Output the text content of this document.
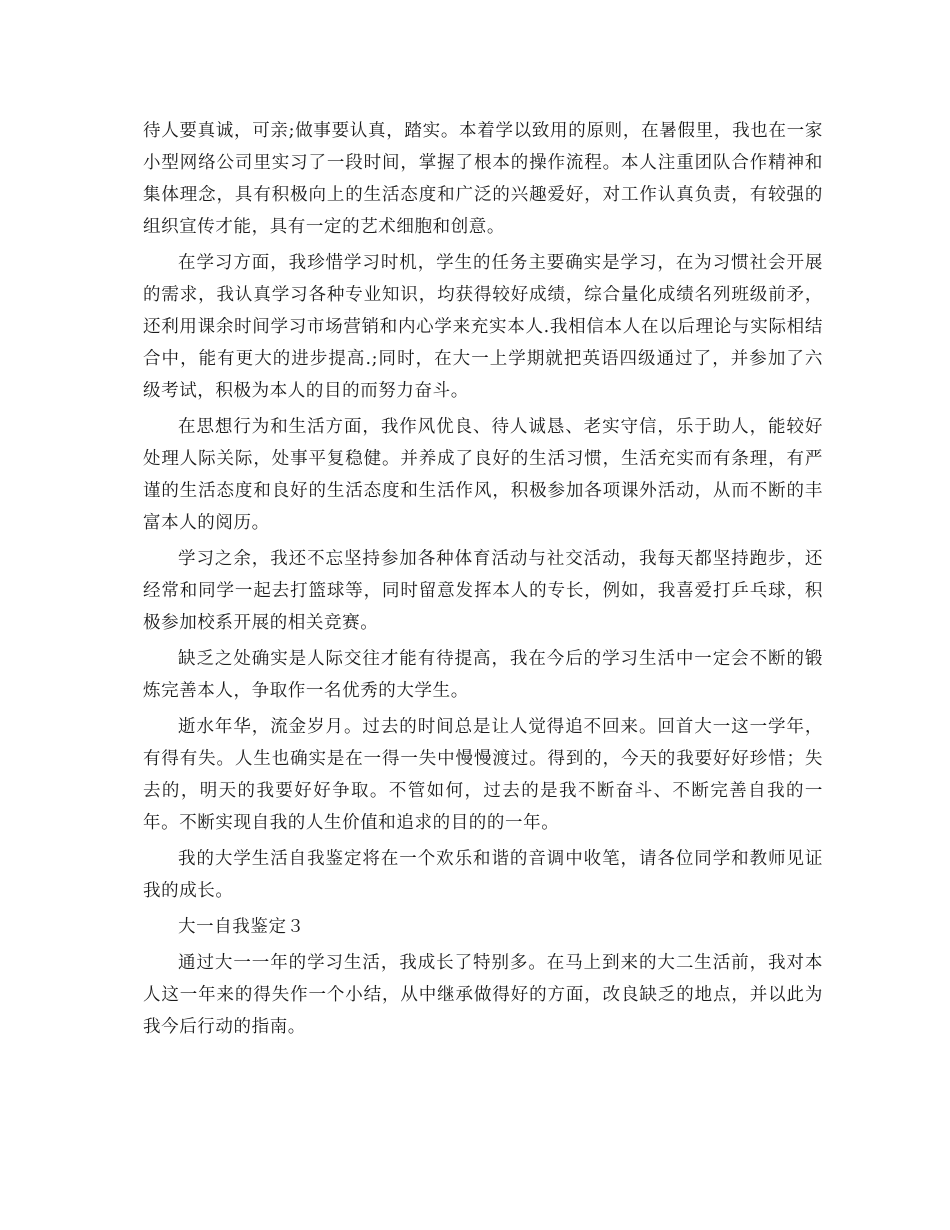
待人要真诚，可亲;做事要认真，踏实。本着学以致用的原则，在暑假里，我也在一家小型网络公司里实习了一段时间，掌握了根本的操作流程。本人注重团队合作精神和集体理念，具有积极向上的生活态度和广泛的兴趣爱好，对工作认真负责，有较强的组织宣传才能，具有一定的艺术细胞和创意。

在学习方面，我珍惜学习时机，学生的任务主要确实是学习，在为习惯社会开展的需求，我认真学习各种专业知识，均获得较好成绩，综合量化成绩名列班级前矛，还利用课余时间学习市场营销和内心学来充实本人.我相信本人在以后理论与实际相结合中，能有更大的进步提高.;同时，在大一上学期就把英语四级通过了，并参加了六级考试，积极为本人的目的而努力奋斗。

在思想行为和生活方面，我作风优良、待人诚恳、老实守信，乐于助人，能较好处理人际关际，处事平复稳健。并养成了良好的生活习惯，生活充实而有条理，有严谨的生活态度和良好的生活态度和生活作风，积极参加各项课外活动，从而不断的丰富本人的阅历。

学习之余，我还不忘坚持参加各种体育活动与社交活动，我每天都坚持跑步，还经常和同学一起去打篮球等，同时留意发挥本人的专长，例如，我喜爱打乒乓球，积极参加校系开展的相关竞赛。

缺乏之处确实是人际交往才能有待提高，我在今后的学习生活中一定会不断的锻炼完善本人，争取作一名优秀的大学生。

逝水年华，流金岁月。过去的时间总是让人觉得追不回来。回首大一这一学年，有得有失。人生也确实是在一得一失中慢慢渡过。得到的，今天的我要好好珍惜；失去的，明天的我要好好争取。不管如何，过去的是我不断奋斗、不断完善自我的一年。不断实现自我的人生价值和追求的目的的一年。

我的大学生活自我鉴定将在一个欢乐和谐的音调中收笔，请各位同学和教师见证我的成长。

大一自我鉴定３

通过大一一年的学习生活，我成长了特别多。在马上到来的大二生活前，我对本人这一年来的得失作一个小结，从中继承做得好的方面，改良缺乏的地点，并以此为我今后行动的指南。
